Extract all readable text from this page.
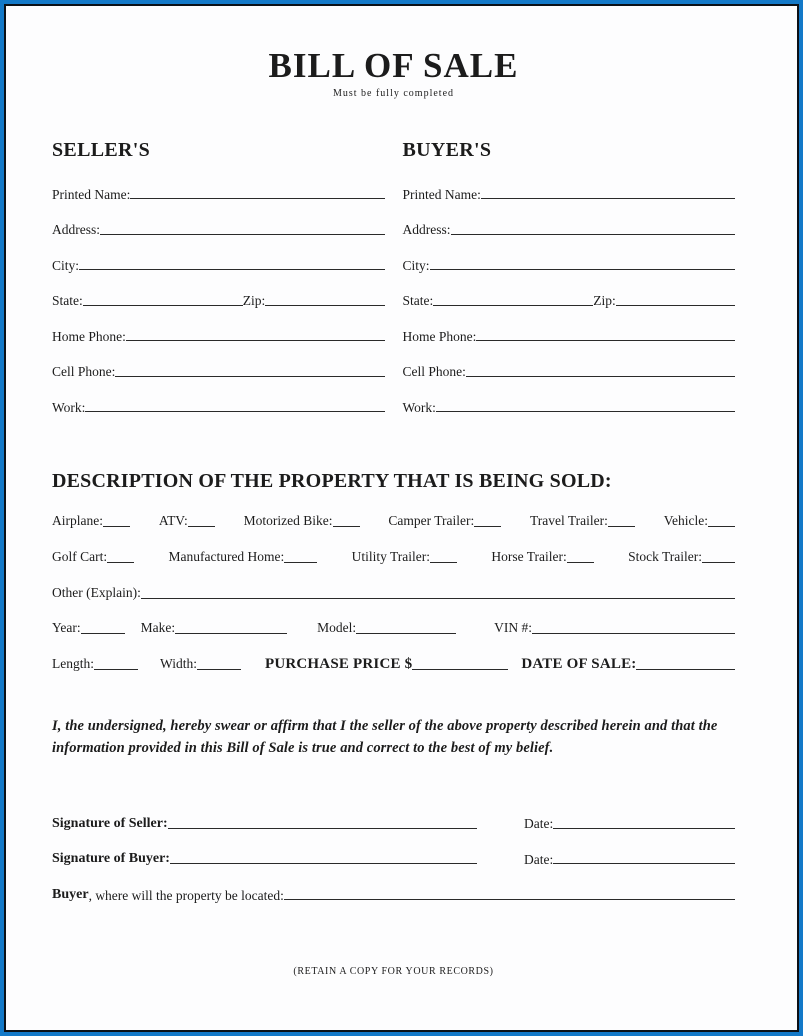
BILL OF SALE
Must be fully completed
SELLER'S
Printed Name:
Address:
City:
State:	Zip:
Home Phone:
Cell Phone:
Work:
BUYER'S
Printed Name:
Address:
City:
State:	Zip:
Home Phone:
Cell Phone:
Work:
DESCRIPTION OF THE PROPERTY THAT IS BEING SOLD:
Airplane:	ATV:	Motorized Bike:	Camper Trailer:	Travel Trailer:	Vehicle:
Golf Cart:	Manufactured Home:	Utility Trailer:	Horse Trailer:	Stock Trailer:
Other (Explain):
Year:	Make:	Model:	VIN #:
Length:	Width:	PURCHASE PRICE $	DATE OF SALE:
I, the undersigned, hereby swear or affirm that I the seller of the above property described herein and that the information provided in this Bill of Sale is true and correct to the best of my belief.
Signature of Seller:	Date:
Signature of Buyer:	Date:
Buyer , where will the property be located:
(RETAIN A COPY FOR YOUR RECORDS)
